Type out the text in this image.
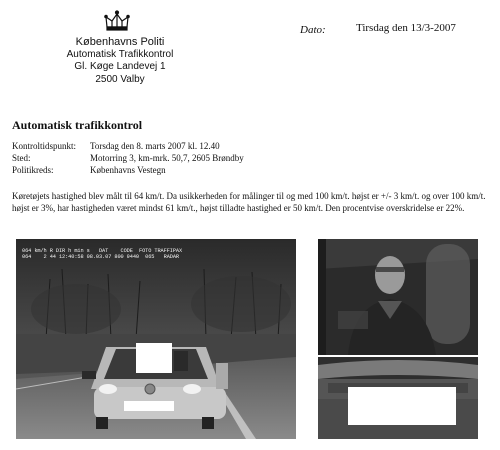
Københavns Politi
Automatisk Trafikkontrol
Gl. Køge Landevej 1
2500 Valby
Dato:	Tirsdag den 13/3-2007
Automatisk trafikkontrol
Kontroltidspunkt:	Torsdag den 8. marts 2007 kl. 12.40
Sted:	Motorring 3, km-mrk. 50,7, 2605 Brøndby
Politikreds:	Københavns Vestegn
Køretøjets hastighed blev målt til 64 km/t. Da usikkerheden for målinger til og med 100 km/t. højst er +/- 3 km/t. og over 100 km/t. højst er 3%, har hastigheden været mindst 61 km/t., højst tilladte hastighed er 50 km/t. Den procentvise overskridelse er 22%.
064 km/h R DIR h min s   DAT    CODE  FOTO TRAFFIPAX
064    2 44 12:40:58 08.03.07 800 9440  065   RADAR
